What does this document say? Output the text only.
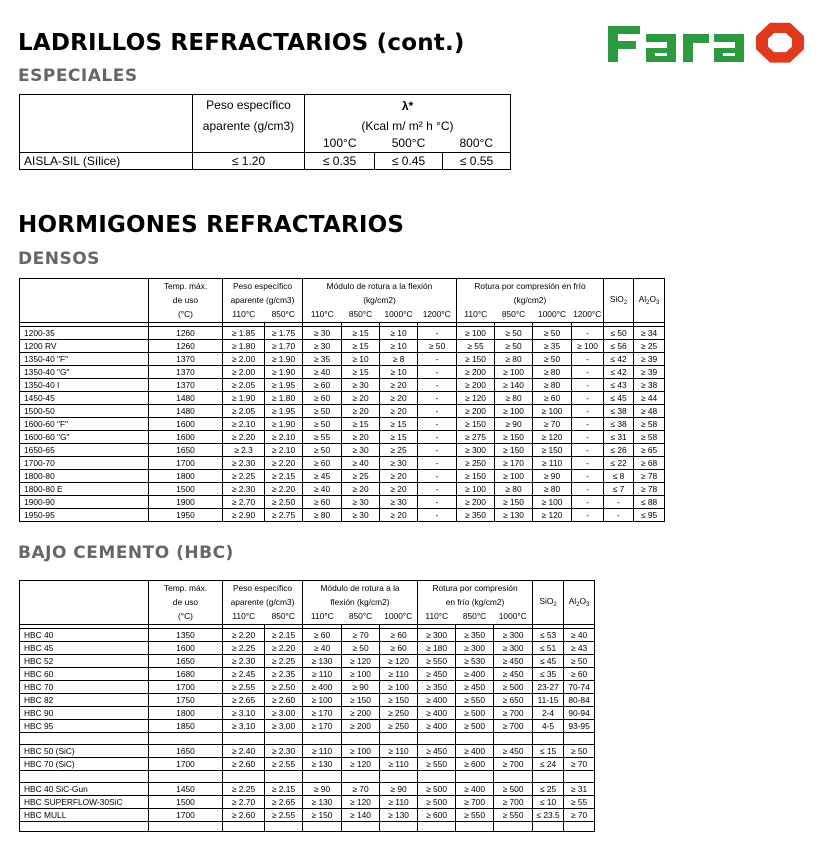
LADRILLOS REFRACTARIOS (cont.)
ESPECIALES
	Peso específico	λ*		
	aparente (g/cm3)	(Kcal m/ m² h °C)		
		100°C	500°C	800°C
AISLA-SIL (Sílice)	≤ 1.20	≤ 0.35	≤ 0.45	≤ 0.55
HORMIGONES REFRACTARIOS
DENSOS
	Temp. máx.	Peso específico		Módulo de rotura a la flexión				Rotura por compresión en frío				SiO$_2$	$Al_2O_3$
	de uso	aparente (g/cm3)		(kg/cm2)				(kg/cm2)					
	(°C)	110°C	850°C	110°C	850°C	1000°C	1200°C	110°C	850°C	1000°C	1200°C		

1200-35	1260	≥ 1.85	≥ 1.75	≥ 30	≥ 15	≥ 10	-	≥ 100	≥ 50	≥ 50	-	≤ 50	≥ 34
1200 RV	1260	≥ 1.80	≥ 1.70	≥ 30	≥ 15	≥ 10	≥ 50	≥ 55	≥ 50	≥ 35	≥ 100	≤ 56	≥ 25
1350-40 "F"	1370	≥ 2.00	≥ 1.90	≥ 35	≥ 10	≥ 8	-	≥ 150	≥ 80	≥ 50	-	≤ 42	≥ 39
1350-40 "G"	1370	≥ 2.00	≥ 1.90	≥ 40	≥ 15	≥ 10	-	≥ 200	≥ 100	≥ 80	-	≤ 42	≥ 39
1350-40 I	1370	≥ 2.05	≥ 1.95	≥ 60	≥ 30	≥ 20	-	≥ 200	≥ 140	≥ 80	-	≤ 43	≥ 38
1450-45	1480	≥ 1.90	≥ 1.80	≥ 60	≥ 20	≥ 20	-	≥ 120	≥ 80	≥ 60	-	≤ 45	≥ 44
1500-50	1480	≥ 2.05	≥ 1.95	≥ 50	≥ 20	≥ 20	-	≥ 200	≥ 100	≥ 100	-	≤ 38	≥ 48
1600-60 "F"	1600	≥ 2.10	≥ 1.90	≥ 50	≥ 15	≥ 15	-	≥ 150	≥ 90	≥ 70	-	≤ 38	≥ 58
1600-60 "G"	1600	≥ 2.20	≥ 2.10	≥ 55	≥ 20	≥ 15	-	≥ 275	≥ 150	≥ 120	-	≤ 31	≥ 58
1650-65	1650	≥ 2.3	≥ 2.10	≥ 50	≥ 30	≥ 25	-	≥ 300	≥ 150	≥ 150	-	≤ 26	≥ 65
1700-70	1700	≥ 2.30	≥ 2.20	≥ 60	≥ 40	≥ 30	-	≥ 250	≥ 170	≥ 110	-	≤ 22	≥ 68
1800-80	1800	≥ 2.25	≥ 2.15	≥ 45	≥ 25	≥ 20	-	≥ 150	≥ 100	≥ 90	-	≤ 8	≥ 78
1800-80 E	1500	≥ 2.30	≥ 2.20	≥ 40	≥ 20	≥ 20	-	≥ 100	≥ 80	≥ 80	-	≤ 7	≥ 78
1900-90	1900	≥ 2.70	≥ 2.50	≥ 60	≥ 30	≥ 30	-	≥ 200	≥ 150	≥ 100	-	-	≤ 88
1950-95	1950	≥ 2.90	≥ 2.75	≥ 80	≥ 30	≥ 20	-	≥ 350	≥ 130	≥ 120	-	-	≤ 95
BAJO CEMENTO (HBC)
	Temp. máx.	Peso específico		Módulo de rotura a la			Rotura por compresión			SiO$_2$	$Al_2O_3$
	de uso	aparente (g/cm3)		flexión (kg/cm2)			en frío (kg/cm2)				
	(°C)	110°C	850°C	110°C	850°C	1000°C	110°C	850°C	1000°C		

HBC 40	1350	≥ 2.20	≥ 2.15	≥ 60	≥ 70	≥ 60	≥ 300	≥ 350	≥ 300	≤ 53	≥ 40
HBC 45	1600	≥ 2.25	≥ 2.20	≥ 40	≥ 50	≥ 60	≥ 180	≥ 300	≥ 300	≤ 51	≥ 43
HBC 52	1650	≥ 2.30	≥ 2.25	≥ 130	≥ 120	≥ 120	≥ 550	≥ 530	≥ 450	≤ 45	≥ 50
HBC 60	1680	≥ 2.45	≥ 2.35	≥ 110	≥ 100	≥ 110	≥ 450	≥ 400	≥ 450	≤ 35	≥ 60
HBC 70	1700	≥ 2.55	≥ 2.50	≥ 400	≥ 90	≥ 100	≥ 350	≥ 450	≥ 500	23-27	70-74
HBC 82	1750	≥ 2.65	≥ 2.60	≥ 100	≥ 150	≥ 150	≥ 400	≥ 550	≥ 650	11-15	80-84
HBC 90	1800	≥ 3.10	≥ 3.00	≥ 170	≥ 200	≥ 250	≥ 400	≥ 500	≥ 700	2-4	90-94
HBC 95	1850	≥ 3.10	≥ 3.00	≥ 170	≥ 200	≥ 250	≥ 400	≥ 500	≥ 700	4-5	93-95

HBC 50 (SiC)	1650	≥ 2.40	≥ 2.30	≥ 110	≥ 100	≥ 110	≥ 450	≥ 400	≥ 450	≤ 15	≥ 50
HBC 70 (SiC)	1700	≥ 2.60	≥ 2.55	≥ 130	≥ 120	≥ 110	≥ 550	≥ 600	≥ 700	≤ 24	≥ 70

HBC 40 SiC-Gun	1450	≥ 2.25	≥ 2.15	≥ 90	≥ 70	≥ 90	≥ 500	≥ 400	≥ 500	≤ 25	≥ 31
HBC SUPERFLOW-30SiC	1500	≥ 2.70	≥ 2.65	≥ 130	≥ 120	≥ 110	≥ 500	≥ 700	≥ 700	≤ 10	≥ 55
HBC MULL	1700	≥ 2.60	≥ 2.55	≥ 150	≥ 140	≥ 130	≥ 600	≥ 550	≥ 550	≤ 23.5	≥ 70
